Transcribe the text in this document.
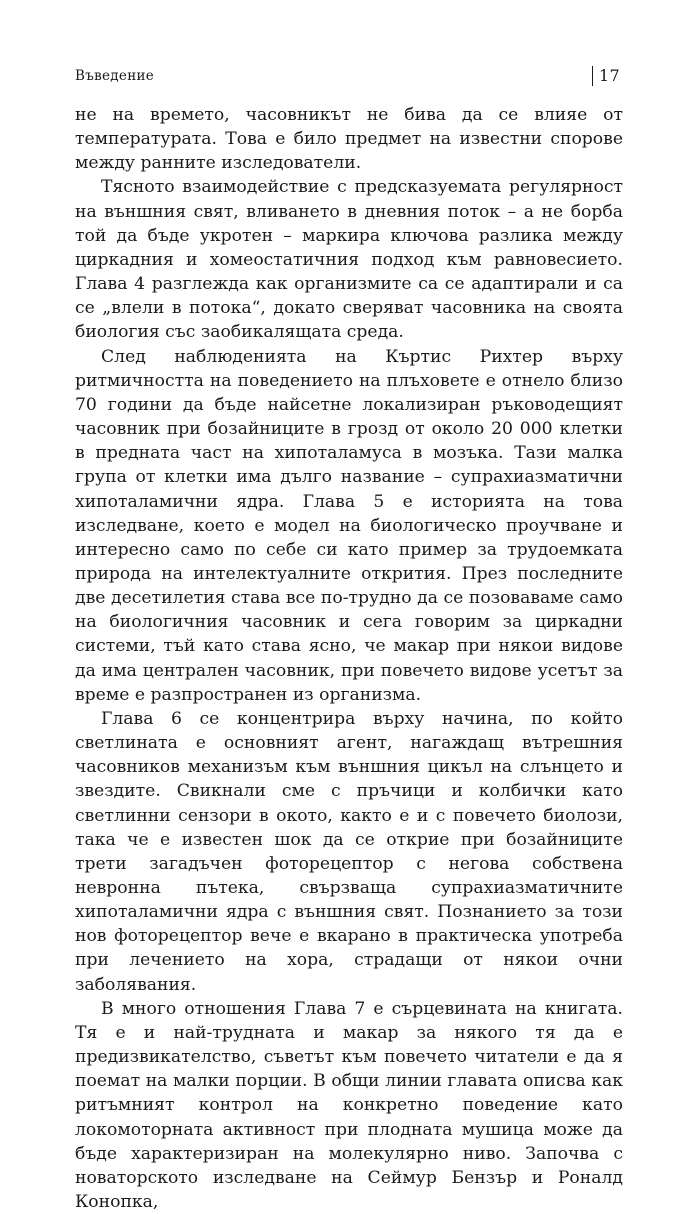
Въведение	17

не на времето, часовникът не бива да се влияе от температурата. Това е било предмет на известни спорове между ранните изследователи.

Тясното взаимодействие с предсказуемата регулярност на външния свят, вливането в дневния поток – а не борба той да бъде укротен – маркира ключова разлика между циркадния и хомеостатичния подход към равновесието. Глава 4 разглежда как организмите са се адаптирали и са се „влели в потока“, докато сверяват часовника на своята биология със заобикалящата среда.

След наблюденията на Къртис Рихтер върху ритмичността на поведението на плъховете е отнело близо 70 години да бъде найсетне локализиран ръководещият часовник при бозайниците в грозд от около 20 000 клетки в предната част на хипоталамуса в мозъка. Тази малка група от клетки има дълго название – супрахиазматични хипоталамични ядра. Глава 5 е историята на това изследване, което е модел на биологическо проучване и интересно само по себе си като пример за трудоемката природа на интелектуалните открития. През последните две десетилетия става все по-трудно да се позоваваме само на биологичния часовник и сега говорим за циркадни системи, тъй като става ясно, че макар при някои видове да има централен часовник, при повечето видове усетът за време е разпространен из организма.

Глава 6 се концентрира върху начина, по който светлината е основният агент, нагаждащ вътрешния часовников механизъм към външния цикъл на слънцето и звездите. Свикнали сме с пръчици и колбички като светлинни сензори в окото, както е и с повечето биолози, така че е известен шок да се открие при бозайниците трети загадъчен фоторецептор с негова собствена невронна пътека, свързваща супрахиазматичните хипоталамични ядра с външния свят. Познанието за този нов фоторецептор вече е вкарано в практическа употреба при лечението на хора, страдащи от някои очни заболявания.

В много отношения Глава 7 е сърцевината на книгата. Тя е и най-трудната и макар за някого тя да е предизвикателство, съветът към повечето читатели е да я поемат на малки порции. В общи линии главата описва как ритъмният контрол на конкретно поведение като локомоторната активност при плодната мушица може да бъде характеризиран на молекулярно ниво. Започва с новаторското изследване на Сеймур Бензър и Роналд Конопка,
